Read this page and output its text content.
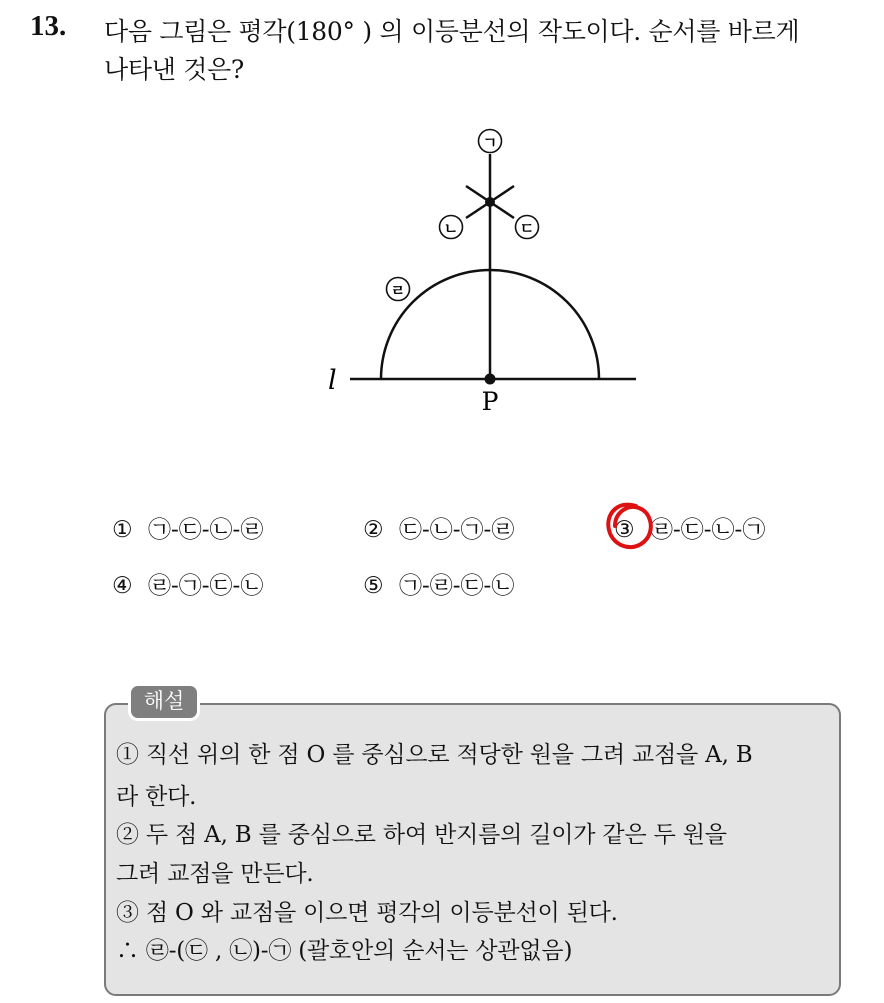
13. 다음 그림은 평각(180° ) 의 이등분선의 작도이다. 순서를 바르게
나타낸 것은?
ㄱ
ㄴ	ㄷ
ㄹ
l
P
① ㉠-㉢-㉡-㉣	② ㉢-㉡-㉠-㉣	③ ㉣-㉢-㉡-㉠
④ ㉣-㉠-㉢-㉡	⑤ ㉠-㉣-㉢-㉡
해설
① 직선 위의 한 점 O 를 중심으로 적당한 원을 그려 교점을 A, B
라 한다.
② 두 점 A, B 를 중심으로 하여 반지름의 길이가 같은 두 원을
그려 교점을 만든다.
③ 점 O 와 교점을 이으면 평각의 이등분선이 된다.
∴ ㉣-(㉢ , ㉡)-㉠ (괄호안의 순서는 상관없음)
